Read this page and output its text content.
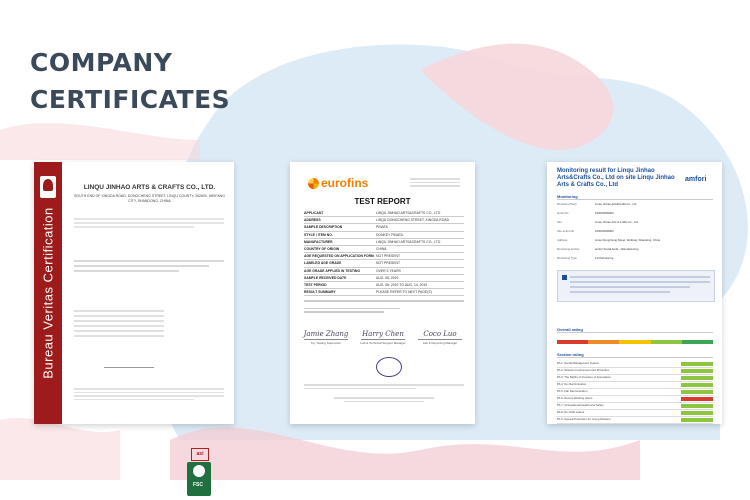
COMPANY
CERTIFICATES
Bureau Veritas Certification
LINQU JINHAO ARTS & CRAFTS CO., LTD.
SOUTH END OF XINGDA ROAD, DONGCHENG STREET, LINQU COUNTY, 262600, WEIFANG CITY, SHANDONG, CHINA
asi
FSC
eurofins
TEST REPORT
APPLICANT	LINQU JINHAO ARTS&CRAFTS CO., LTD
ADDRESS	LINQU DONGCHENG STREET, XINGDA ROAD
SAMPLE DESCRIPTION	PINATA
STYLE / ITEM NO.	DONKEY PINATA
MANUFACTURER	LINQU JINHAO ARTS&CRAFTS CO., LTD
COUNTRY OF ORIGIN	CHINA
AGE REQUESTED ON APPLICATION FORM NOT PRESENT
LABELED AGE GRADE	NOT PRESENT
AGE GRADE APPLIED IN TESTING	OVER 3 YEARS
SAMPLE RECEIVED DATE	AUG. 06, 2019
TEST PERIOD	AUG. 06, 2019 TO AUG. 14, 2019
RESULT SUMMARY	PLEASE REFER TO NEXT PAGE(S)
Jamie Zhang
Toy Testing Supervisor
Harry Chen
Lab & Technical Support Manager
Coco Luo
Lab & Reporting Manager
Monitoring result for Linqu Jinhao Arts&Crafts Co., Ltd on site Linqu Jinhao Arts & Crafts Co., Ltd
amfori
Monitoring
Monitored Party	Linqu Jinhao Arts&Crafts Co., Ltd
amfori ID	156000000000
Site	Linqu Jinhao Arts & Crafts Co., Ltd
Site amfori ID	156000000000
Address	Linqu Dongcheng Street, Weifang, Shandong, China
Monitoring Activity	amfori Social Audit - Manufacturing
Monitoring Type	Full Monitoring
Overall rating
Section rating
PA 1: Social Management System
PA 2: Workers Involvement and Protection
PA 3: The Rights of Freedom of Association
PA 4: No Discrimination
PA 5: Fair Remuneration
PA 6: Decent Working Hours
PA 7: Occupational Health and Safety
PA 8: No Child Labour
PA 9: Special Protection for Young Workers
